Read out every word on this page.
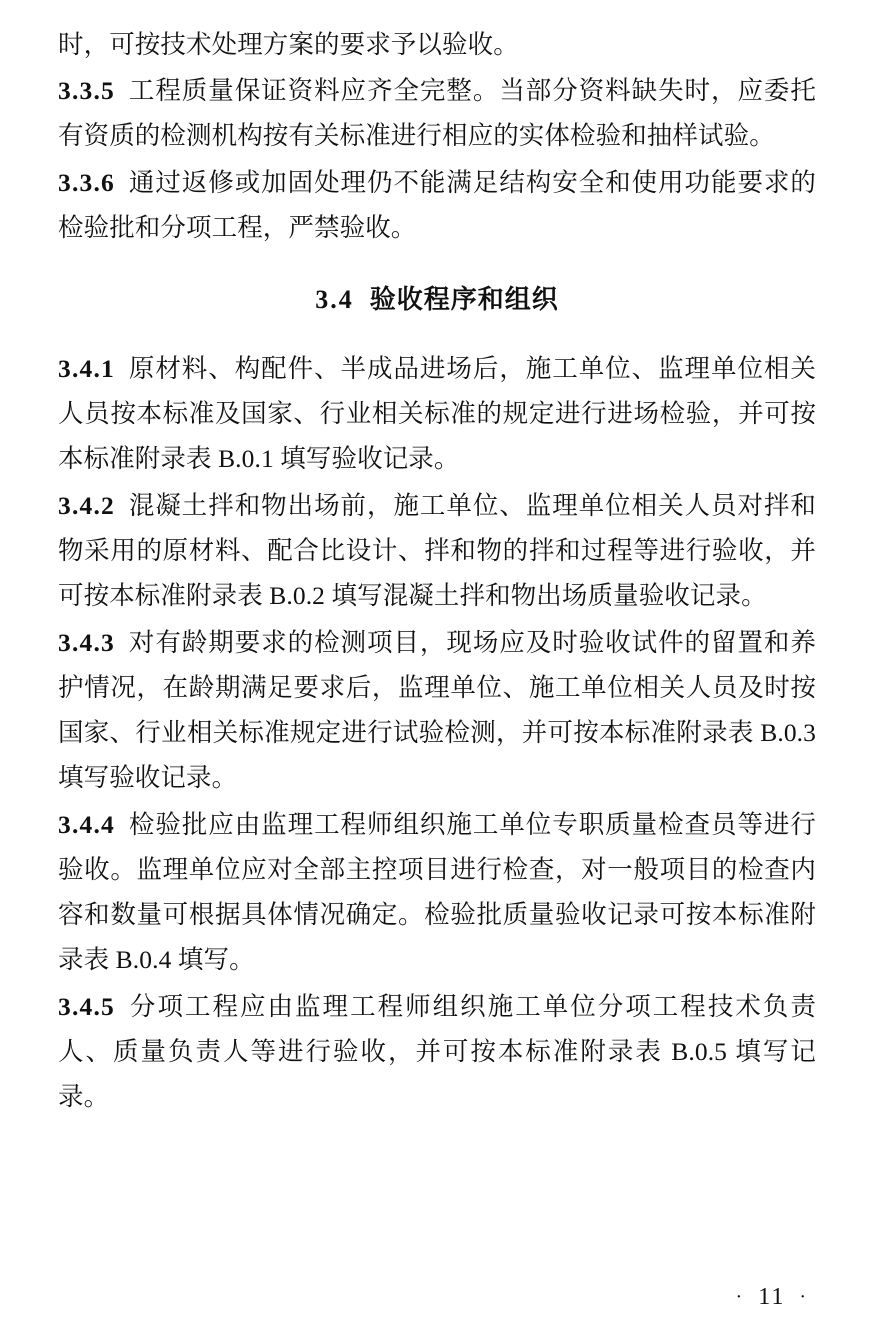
时，可按技术处理方案的要求予以验收。

3.3.5 工程质量保证资料应齐全完整。当部分资料缺失时，应委托有资质的检测机构按有关标准进行相应的实体检验和抽样试验。

3.3.6 通过返修或加固处理仍不能满足结构安全和使用功能要求的检验批和分项工程，严禁验收。

3.4 验收程序和组织

3.4.1 原材料、构配件、半成品进场后，施工单位、监理单位相关人员按本标准及国家、行业相关标准的规定进行进场检验，并可按本标准附录表 B.0.1 填写验收记录。

3.4.2 混凝土拌和物出场前，施工单位、监理单位相关人员对拌和物采用的原材料、配合比设计、拌和物的拌和过程等进行验收，并可按本标准附录表 B.0.2 填写混凝土拌和物出场质量验收记录。

3.4.3 对有龄期要求的检测项目，现场应及时验收试件的留置和养护情况，在龄期满足要求后，监理单位、施工单位相关人员及时按国家、行业相关标准规定进行试验检测，并可按本标准附录表 B.0.3 填写验收记录。

3.4.4 检验批应由监理工程师组织施工单位专职质量检查员等进行验收。监理单位应对全部主控项目进行检查，对一般项目的检查内容和数量可根据具体情况确定。检验批质量验收记录可按本标准附录表 B.0.4 填写。

3.4.5 分项工程应由监理工程师组织施工单位分项工程技术负责人、质量负责人等进行验收，并可按本标准附录表 B.0.5 填写记录。

· 11 ·
